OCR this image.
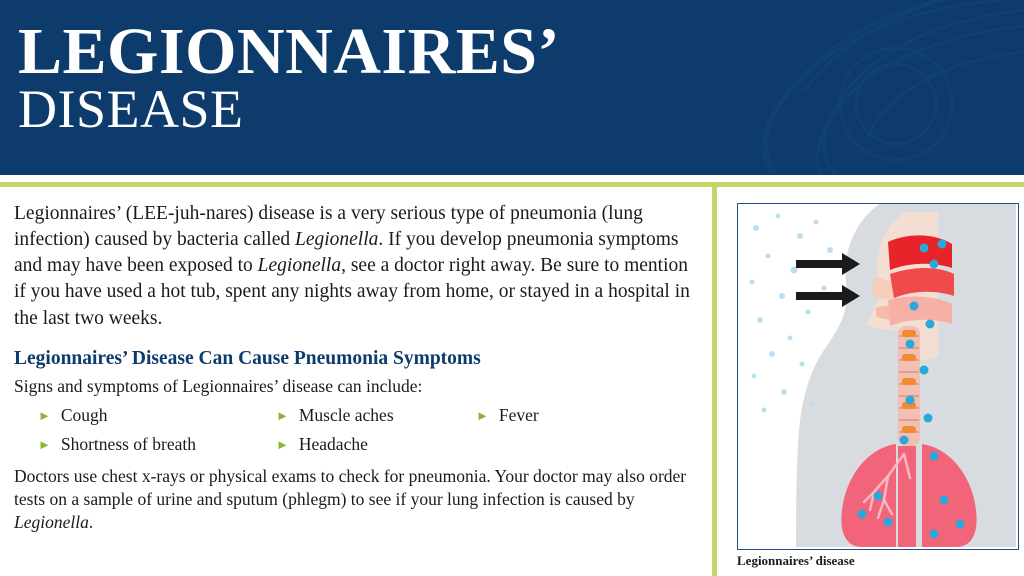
LEGIONNAIRES’
DISEASE

Legionnaires’ (LEE-juh-nares) disease is a very serious type of pneumonia (lung infection) caused by bacteria called Legionella. If you develop pneumonia symptoms and may have been exposed to Legionella, see a doctor right away. Be sure to mention if you have used a hot tub, spent any nights away from home, or stayed in a hospital in the last two weeks.

Legionnaires’ Disease Can Cause Pneumonia Symptoms

Signs and symptoms of Legionnaires’ disease can include:

► Cough	► Muscle aches	► Fever
► Shortness of breath	► Headache

Doctors use chest x-rays or physical exams to check for pneumonia. Your doctor may also order tests on a sample of urine and sputum (phlegm) to see if your lung infection is caused by Legionella.

Legionnaires’ disease
